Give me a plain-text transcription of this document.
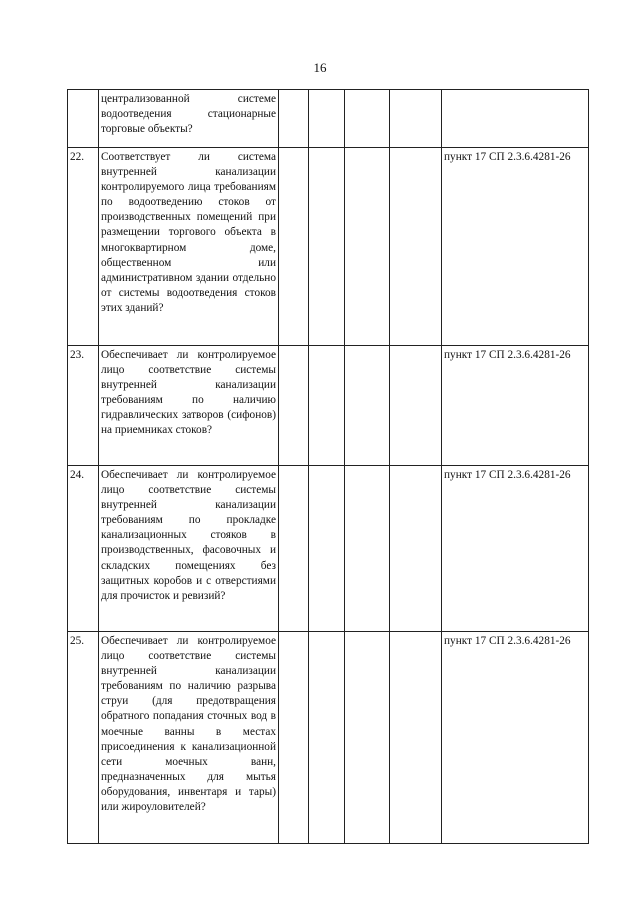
16
	централизованной системе водоотведения стационарные торговые объекты?					
22.	Соответствует ли система внутренней канализации контролируемого лица требованиям по водоотведению стоков от производственных помещений при размещении торгового объекта в многоквартирном доме, общественном или административном здании отдельно от системы водоотведения стоков этих зданий?					пункт 17 СП 2.3.6.4281-26
23.	Обеспечивает ли контролируемое лицо соответствие системы внутренней канализации требованиям по наличию гидравлических затворов (сифонов) на приемниках стоков?					пункт 17 СП 2.3.6.4281-26
24.	Обеспечивает ли контролируемое лицо соответствие системы внутренней канализации требованиям по прокладке канализационных стояков в производственных, фасовочных и складских помещениях без защитных коробов и с отверстиями для прочисток и ревизий?					пункт 17 СП 2.3.6.4281-26
25.	Обеспечивает ли контролируемое лицо соответствие системы внутренней канализации требованиям по наличию разрыва струи (для предотвращения обратного попадания сточных вод в моечные ванны в местах присоединения к канализационной сети моечных ванн, предназначенных для мытья оборудования, инвентаря и тары) или жироуловителей?					пункт 17 СП 2.3.6.4281-26
